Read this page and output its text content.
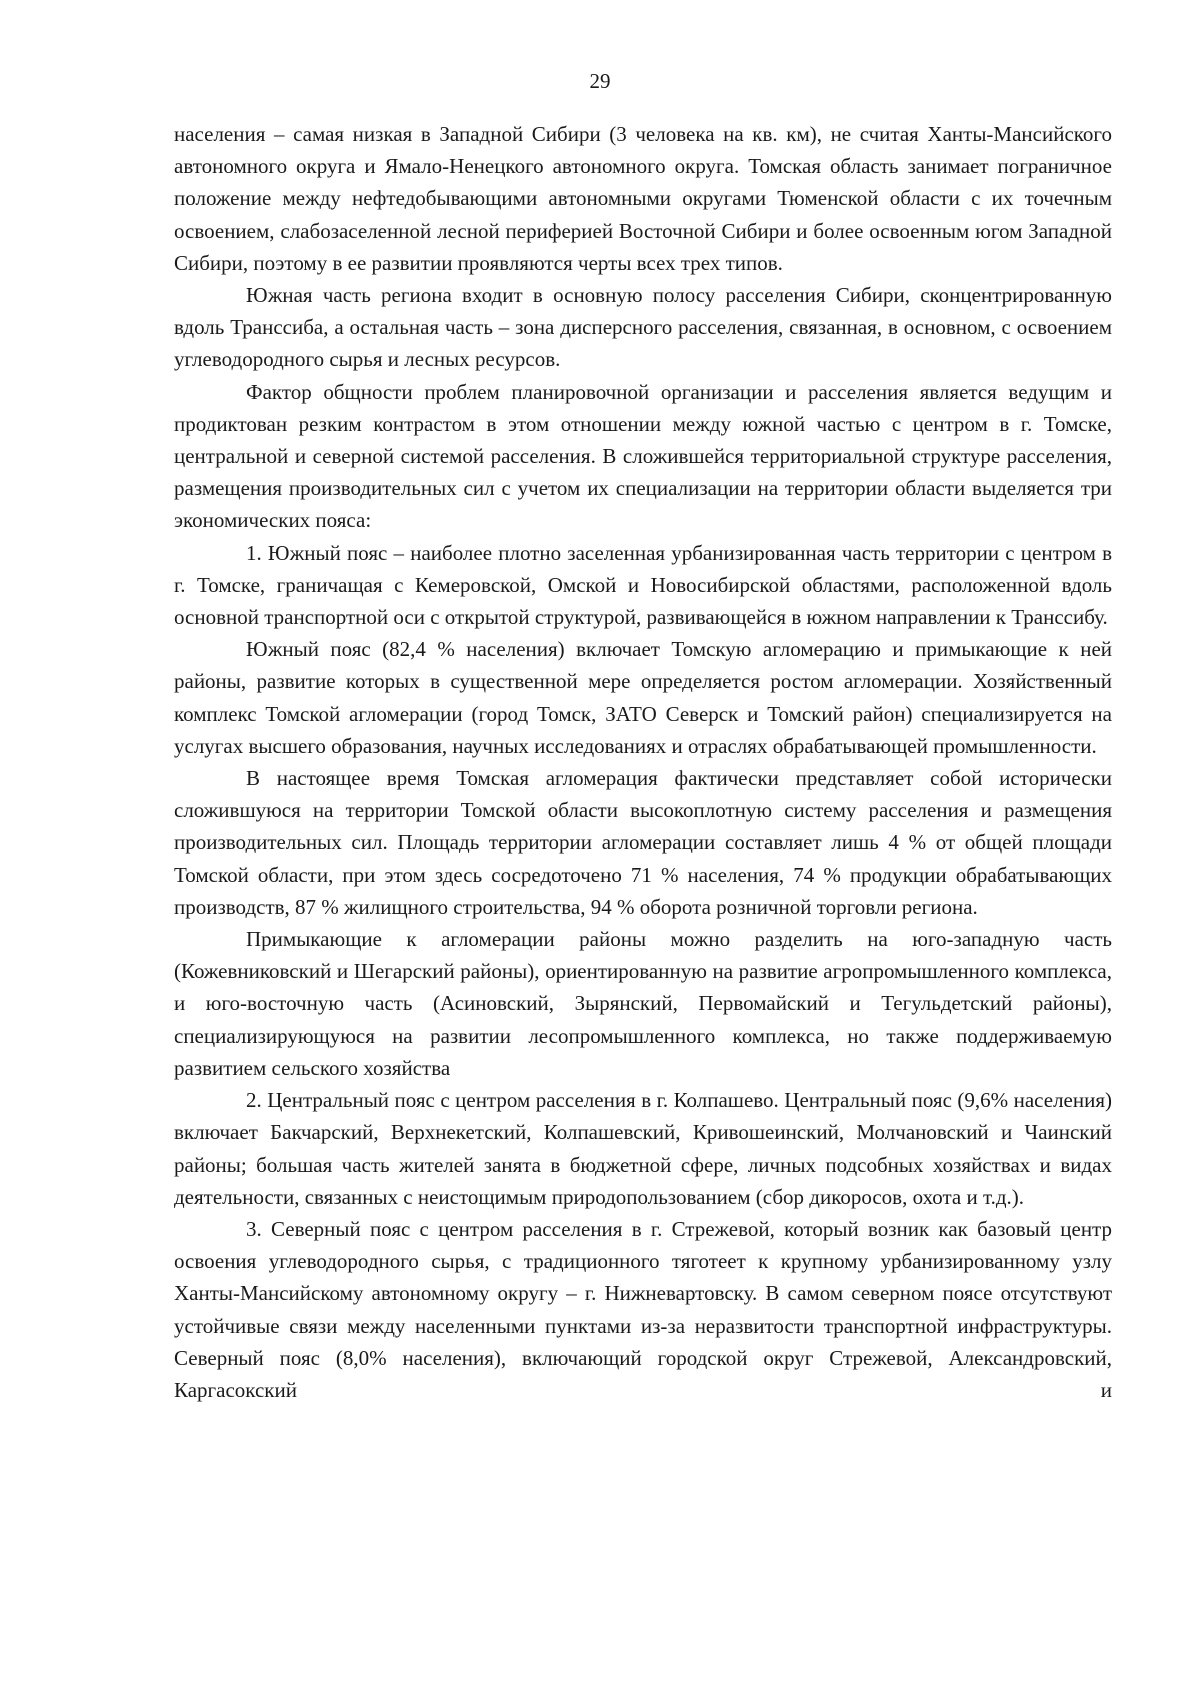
29

населения – самая низкая в Западной Сибири (3 человека на кв. км), не считая Ханты-Мансийского автономного округа и Ямало-Ненецкого автономного округа. Томская область занимает пограничное положение между нефтедобывающими автономными округами Тюменской области с их точечным освоением, слабозаселенной лесной периферией Восточной Сибири и более освоенным югом Западной Сибири, поэтому в ее развитии проявляются черты всех трех типов.

Южная часть региона входит в основную полосу расселения Сибири, сконцентрированную вдоль Транссиба, а остальная часть – зона дисперсного расселения, связанная, в основном, с освоением углеводородного сырья и лесных ресурсов.

Фактор общности проблем планировочной организации и расселения является ведущим и продиктован резким контрастом в этом отношении между южной частью с центром в г. Томске, центральной и северной системой расселения. В сложившейся территориальной структуре расселения, размещения производительных сил с учетом их специализации на территории области выделяется три экономических пояса:

1. Южный пояс – наиболее плотно заселенная урбанизированная часть территории с центром в г. Томске, граничащая с Кемеровской, Омской и Новосибирской областями, расположенной вдоль основной транспортной оси с открытой структурой, развивающейся в южном направлении к Транссибу.

Южный пояс (82,4 % населения) включает Томскую агломерацию и примыкающие к ней районы, развитие которых в существенной мере определяется ростом агломерации. Хозяйственный комплекс Томской агломерации (город Томск, ЗАТО Северск и Томский район) специализируется на услугах высшего образования, научных исследованиях и отраслях обрабатывающей промышленности.

В настоящее время Томская агломерация фактически представляет собой исторически сложившуюся на территории Томской области высокоплотную систему расселения и размещения производительных сил. Площадь территории агломерации составляет лишь 4 % от общей площади Томской области, при этом здесь сосредоточено 71 % населения, 74 % продукции обрабатывающих производств, 87 % жилищного строительства, 94 % оборота розничной торговли региона.

Примыкающие к агломерации районы можно разделить на юго-западную часть (Кожевниковский и Шегарский районы), ориентированную на развитие агропромышленного комплекса, и юго-восточную часть (Асиновский, Зырянский, Первомайский и Тегульдетский районы), специализирующуюся на развитии лесопромышленного комплекса, но также поддерживаемую развитием сельского хозяйства

2. Центральный пояс с центром расселения в г. Колпашево. Центральный пояс (9,6% населения) включает Бакчарский, Верхнекетский, Колпашевский, Кривошеинский, Молчановский и Чаинский районы; большая часть жителей занята в бюджетной сфере, личных подсобных хозяйствах и видах деятельности, связанных с неистощимым природопользованием (сбор дикоросов, охота и т.д.).

3. Северный пояс с центром расселения в г. Стрежевой, который возник как базовый центр освоения углеводородного сырья, с традиционного тяготеет к крупному урбанизированному узлу Ханты-Мансийскому автономному округу – г. Нижневартовску. В самом северном поясе отсутствуют устойчивые связи между населенными пунктами из-за неразвитости транспортной инфраструктуры. Северный пояс (8,0% населения), включающий городской округ Стрежевой, Александровский, Каргасокский и
